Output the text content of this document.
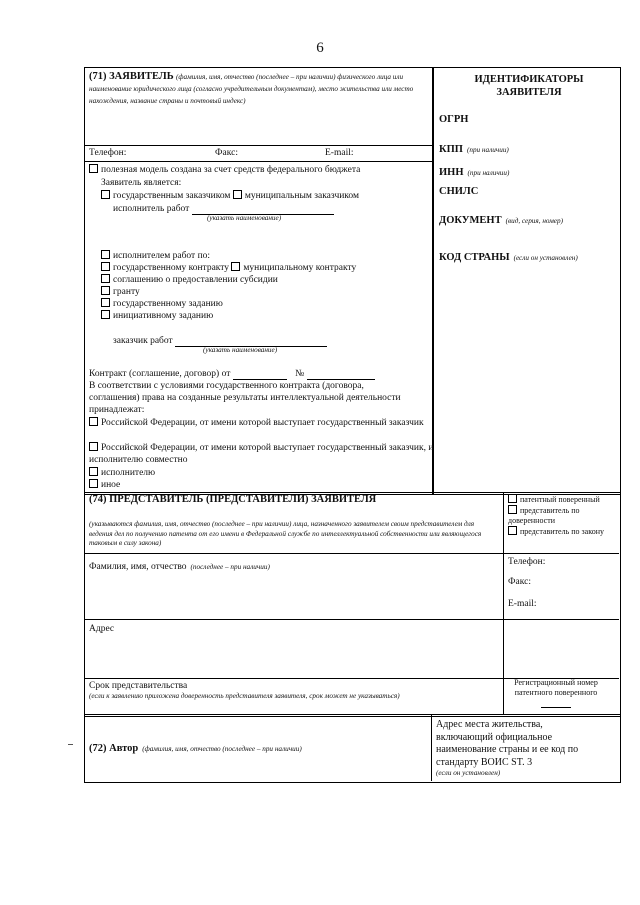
6
(71) ЗАЯВИТЕЛЬ (фамилия, имя, отчество (последнее – при наличии) физического лица или наименование юридического лица (согласно учредительным документам), место жительства или место нахождения, название страны и почтовый индекс)
Телефон:	Факс:	E-mail:
ИДЕНТИФИКАТОРЫ ЗАЯВИТЕЛЯ
ОГРН
КПП (при наличии)
ИНН (при наличии)
СНИЛС
ДОКУМЕНТ (вид, серия, номер)
КОД СТРАНЫ (если он установлен)
полезная модель создана за счет средств федерального бюджета
Заявитель является:
государственным заказчиком муниципальным заказчиком
исполнитель работ
(указать наименование)
исполнителем работ по:
государственному контракту муниципальному контракту
соглашению о предоставлении субсидии
гранту
государственному заданию
инициативному заданию
заказчик работ
(указать наименование)
Контракт (соглашение, договор) от	№
В соответствии с условиями государственного контракта (договора, соглашения) права на созданные результаты интеллектуальной деятельности принадлежат:
Российской Федерации, от имени которой выступает государственный заказчик
Российской Федерации, от имени которой выступает государственный заказчик, и исполнителю совместно
исполнителю
иное
(74) ПРЕДСТАВИТЕЛЬ (ПРЕДСТАВИТЕЛИ) ЗАЯВИТЕЛЯ
(указываются фамилия, имя, отчество (последнее – при наличии) лица, назначенного заявителем своим представителем для ведения дел по получению патента от его имени в Федеральной службе по интеллектуальной собственности или являющегося таковым в силу закона)
патентный поверенный
представитель по доверенности
представитель по закону
Фамилия, имя, отчество (последнее – при наличии)	Телефон:
Факс:
E-mail:
Адрес
Срок представительства
(если к заявлению приложена доверенность представителя заявителя, срок может не указываться)
Регистрационный номер патентного поверенного
(72) Автор (фамилия, имя, отчество (последнее – при наличии)
Адрес места жительства, включающий официальное наименование страны и ее код по стандарту ВОИС ST. 3
(если он установлен)
